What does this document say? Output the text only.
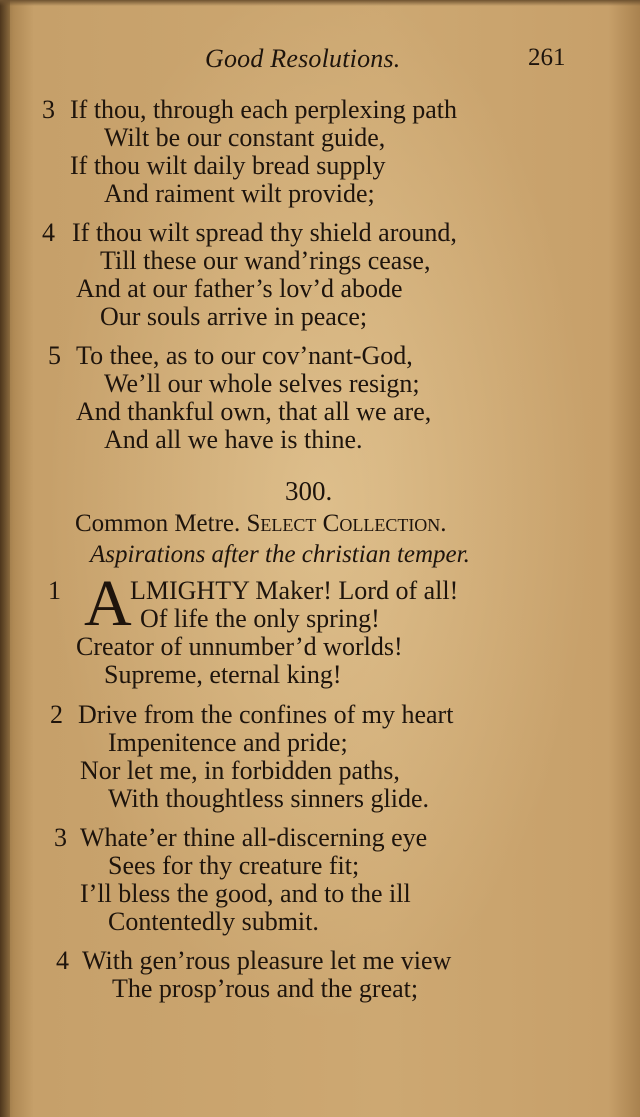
Good Resolutions.	261
3 If thou, through each perplexing path
Wilt be our constant guide,
If thou wilt daily bread supply
And raiment wilt provide;
4 If thou wilt spread thy shield around,
Till these our wand’rings cease,
And at our father’s lov’d abode
Our souls arrive in peace;
5 To thee, as to our cov’nant-God,
We’ll our whole selves resign;
And thankful own, that all we are,
And all we have is thine.
300.
Common Metre. Select Collection.
Aspirations after the christian temper.
1 A
LMIGHTY Maker! Lord of all!
Of life the only spring!
Creator of unnumber’d worlds!
Supreme, eternal king!
2 Drive from the confines of my heart
Impenitence and pride;
Nor let me, in forbidden paths,
With thoughtless sinners glide.
3 Whate’er thine all-discerning eye
Sees for thy creature fit;
I’ll bless the good, and to the ill
Contentedly submit.
4 With gen’rous pleasure let me view
The prosp’rous and the great;
